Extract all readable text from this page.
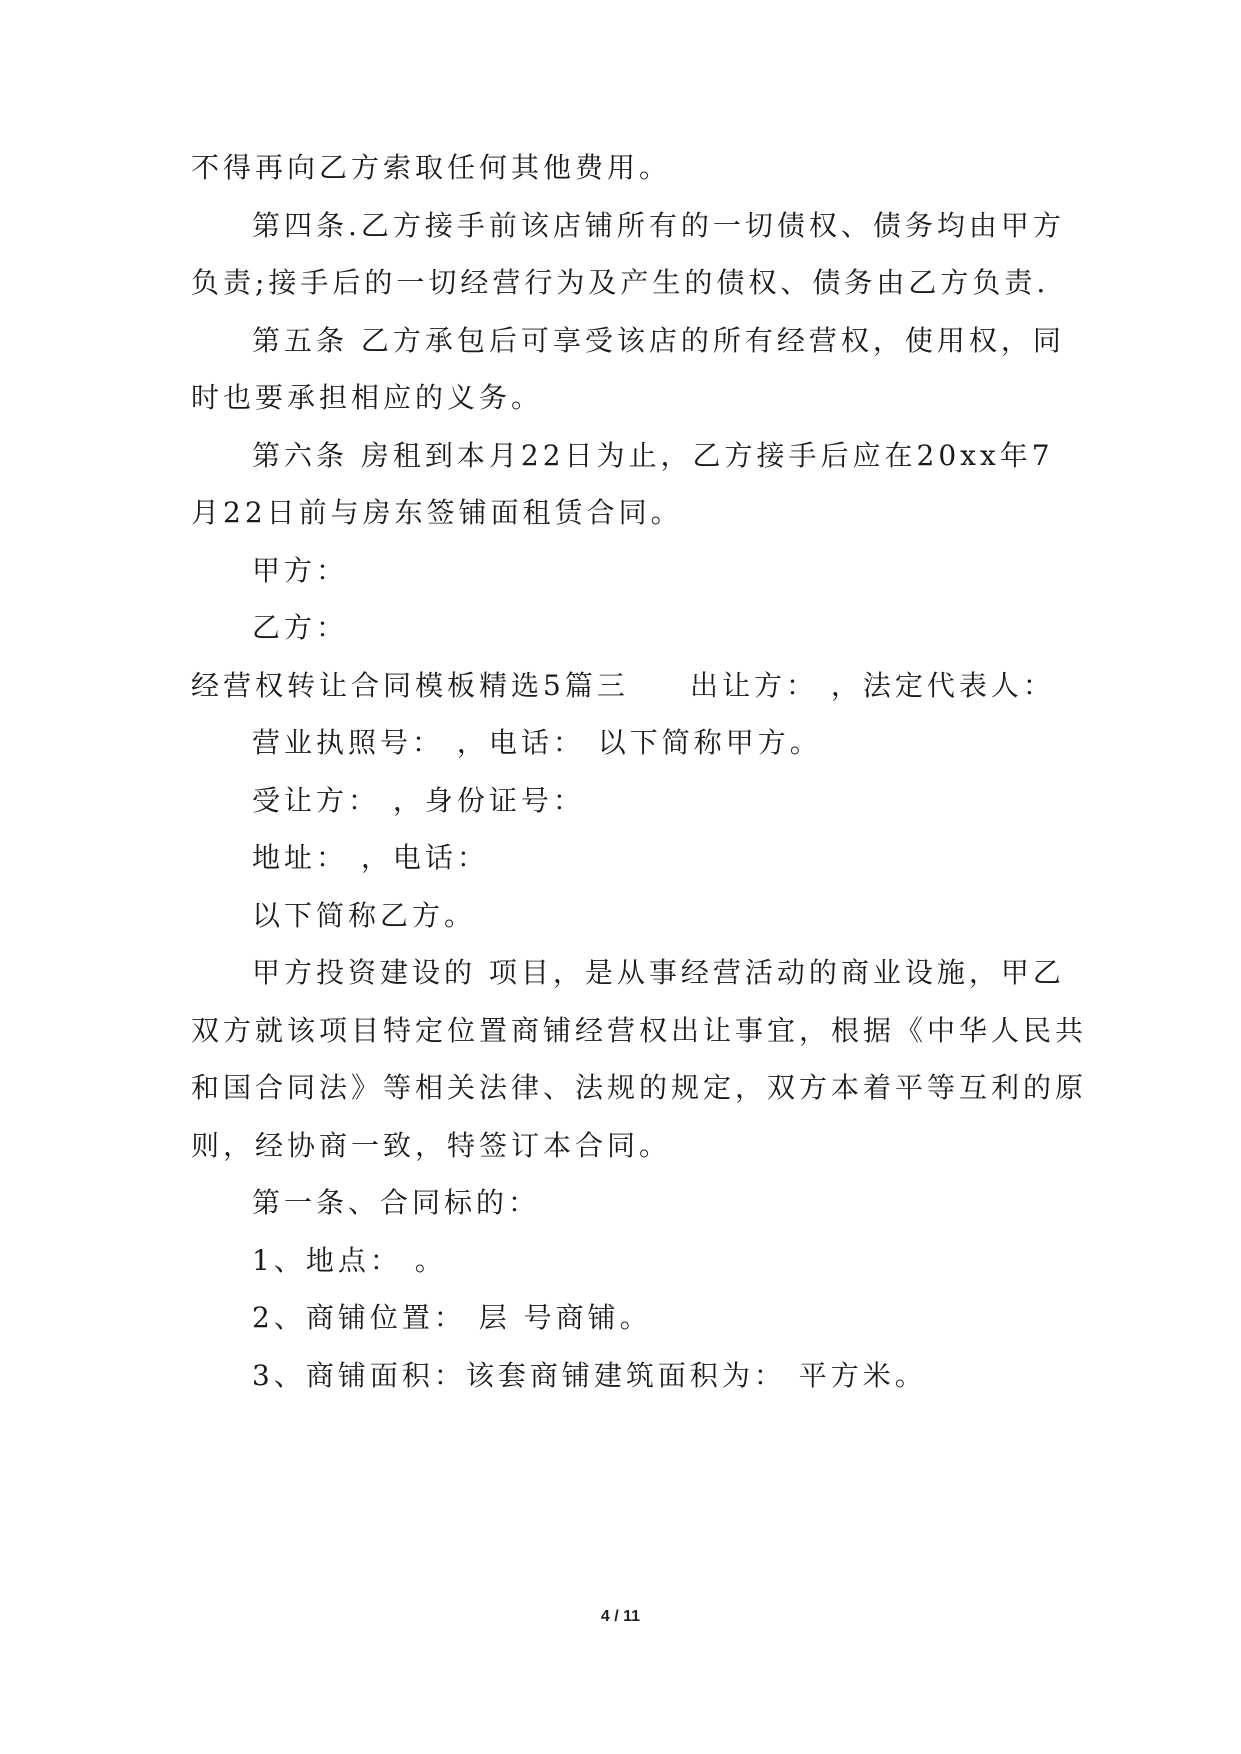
不得再向乙方索取任何其他费用。
第四条.乙方接手前该店铺所有的一切债权、债务均由甲方
负责;接手后的一切经营行为及产生的债权、债务由乙方负责.
第五条 乙方承包后可享受该店的所有经营权，使用权，同
时也要承担相应的义务。
第六条 房租到本月22日为止，乙方接手后应在20xx年7
月22日前与房东签铺面租赁合同。
甲方：
乙方：
经营权转让合同模板精选5篇三 出让方： ，法定代表人：
营业执照号： ，电话： 以下简称甲方。
受让方： ，身份证号：
地址： ，电话：
以下简称乙方。
甲方投资建设的 项目，是从事经营活动的商业设施，甲乙
双方就该项目特定位置商铺经营权出让事宜，根据《中华人民共
和国合同法》等相关法律、法规的规定，双方本着平等互利的原
则，经协商一致，特签订本合同。
第一条、合同标的：
1、地点： 。
2、商铺位置： 层 号商铺。
3、商铺面积：该套商铺建筑面积为： 平方米。
4 / 11
